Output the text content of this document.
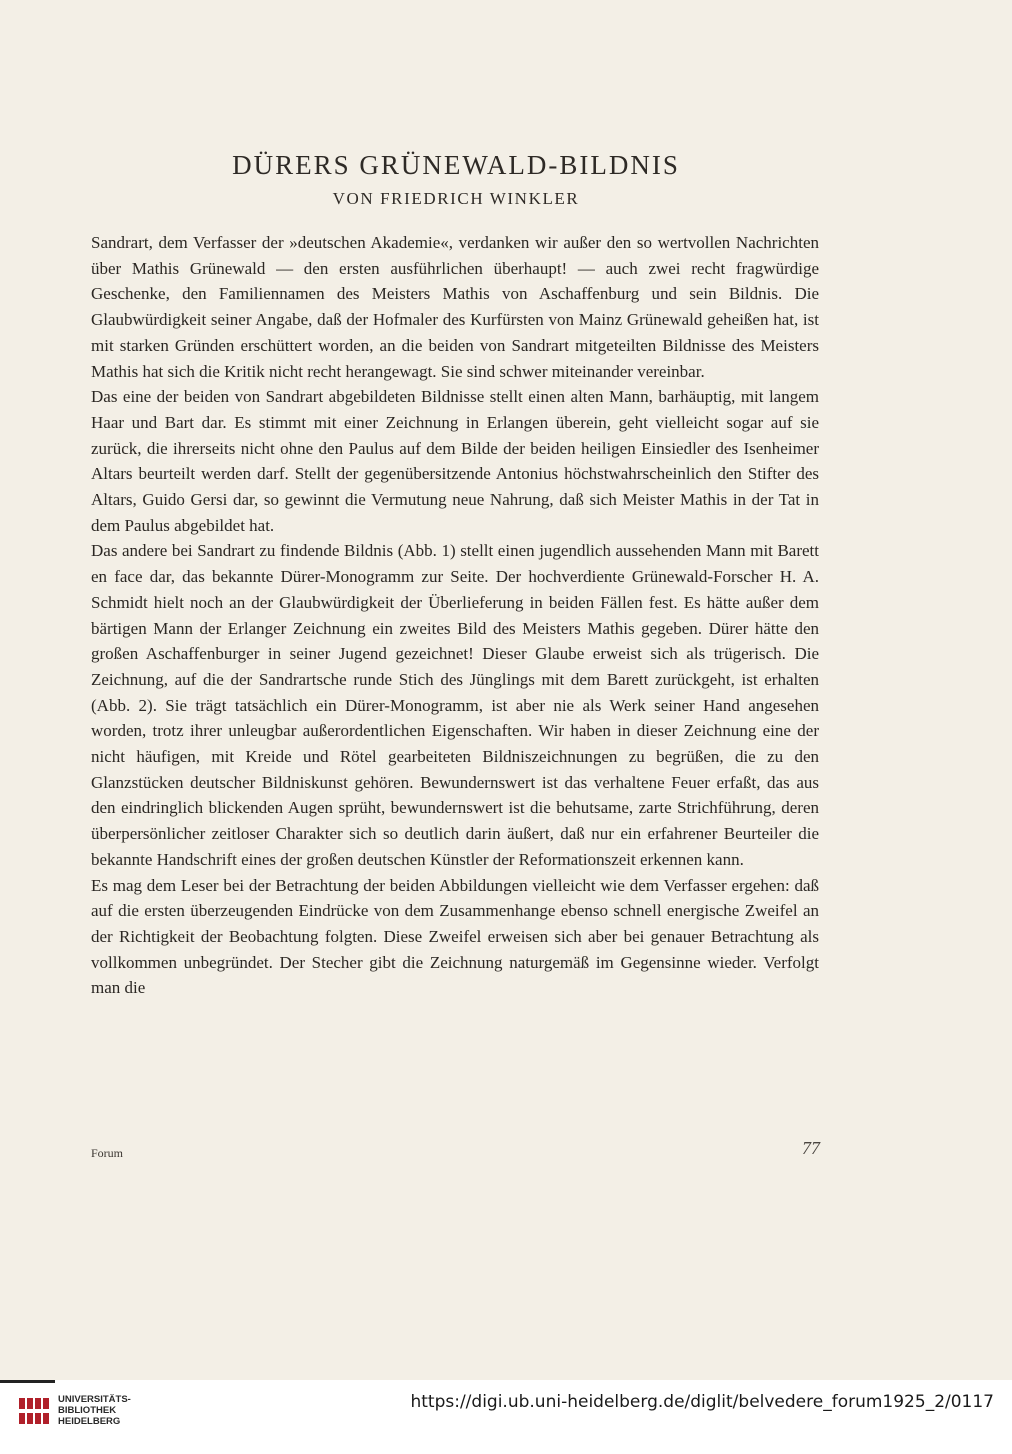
DÜRERS GRÜNEWALD-BILDNIS
VON FRIEDRICH WINKLER

Sandrart, dem Verfasser der »deutschen Akademie«, verdanken wir außer den so wertvollen Nachrichten über Mathis Grünewald — den ersten ausführlichen überhaupt! — auch zwei recht fragwürdige Geschenke, den Familiennamen des Meisters Mathis von Aschaffenburg und sein Bildnis. Die Glaubwürdigkeit seiner Angabe, daß der Hofmaler des Kurfürsten von Mainz Grünewald geheißen hat, ist mit starken Gründen erschüttert worden, an die beiden von Sandrart mitgeteilten Bildnisse des Meisters Mathis hat sich die Kritik nicht recht herangewagt. Sie sind schwer miteinander vereinbar.

Das eine der beiden von Sandrart abgebildeten Bildnisse stellt einen alten Mann, barhäuptig, mit langem Haar und Bart dar. Es stimmt mit einer Zeichnung in Erlangen überein, geht vielleicht sogar auf sie zurück, die ihrerseits nicht ohne den Paulus auf dem Bilde der beiden heiligen Einsiedler des Isenheimer Altars beurteilt werden darf. Stellt der gegenübersitzende Antonius höchstwahrscheinlich den Stifter des Altars, Guido Gersi dar, so gewinnt die Vermutung neue Nahrung, daß sich Meister Mathis in der Tat in dem Paulus abgebildet hat.

Das andere bei Sandrart zu findende Bildnis (Abb. 1) stellt einen jugendlich aussehenden Mann mit Barett en face dar, das bekannte Dürer-Monogramm zur Seite. Der hochverdiente Grünewald-Forscher H. A. Schmidt hielt noch an der Glaubwürdigkeit der Überlieferung in beiden Fällen fest. Es hätte außer dem bärtigen Mann der Erlanger Zeichnung ein zweites Bild des Meisters Mathis gegeben. Dürer hätte den großen Aschaffenburger in seiner Jugend gezeichnet! Dieser Glaube erweist sich als trügerisch. Die Zeichnung, auf die der Sandrartsche runde Stich des Jünglings mit dem Barett zurückgeht, ist erhalten (Abb. 2). Sie trägt tatsächlich ein Dürer-Monogramm, ist aber nie als Werk seiner Hand angesehen worden, trotz ihrer unleugbar außerordentlichen Eigenschaften. Wir haben in dieser Zeichnung eine der nicht häufigen, mit Kreide und Rötel gearbeiteten Bildniszeichnungen zu begrüßen, die zu den Glanzstücken deutscher Bildniskunst gehören. Bewundernswert ist das verhaltene Feuer erfaßt, das aus den eindringlich blickenden Augen sprüht, bewundernswert ist die behutsame, zarte Strichführung, deren überpersönlicher zeitloser Charakter sich so deutlich darin äußert, daß nur ein erfahrener Beurteiler die bekannte Handschrift eines der großen deutschen Künstler der Reformationszeit erkennen kann.

Es mag dem Leser bei der Betrachtung der beiden Abbildungen vielleicht wie dem Verfasser ergehen: daß auf die ersten überzeugenden Eindrücke von dem Zusammenhange ebenso schnell energische Zweifel an der Richtigkeit der Beobachtung folgten. Diese Zweifel erweisen sich aber bei genauer Betrachtung als vollkommen unbegründet. Der Stecher gibt die Zeichnung naturgemäß im Gegensinne wieder. Verfolgt man die

Forum	77
UNIVERSITÄTS-
BIBLIOTHEK
HEIDELBERG
https://digi.ub.uni-heidelberg.de/diglit/belvedere_forum1925_2/0117
